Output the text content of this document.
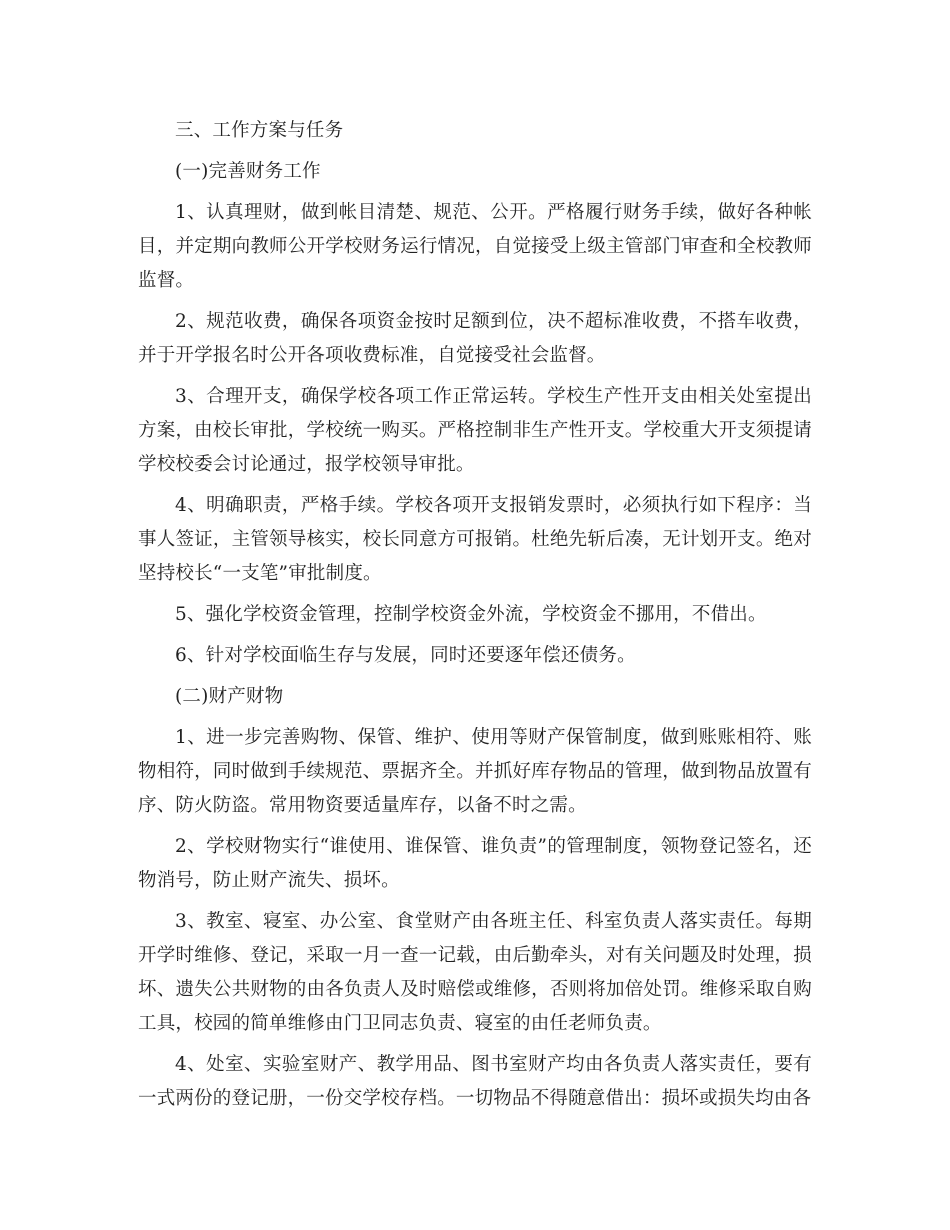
三、工作方案与任务

(一)完善财务工作

1、认真理财，做到帐目清楚、规范、公开。严格履行财务手续，做好各种帐目，并定期向教师公开学校财务运行情况，自觉接受上级主管部门审查和全校教师监督。

2、规范收费，确保各项资金按时足额到位，决不超标准收费，不搭车收费，并于开学报名时公开各项收费标准，自觉接受社会监督。

3、合理开支，确保学校各项工作正常运转。学校生产性开支由相关处室提出方案，由校长审批，学校统一购买。严格控制非生产性开支。学校重大开支须提请学校校委会讨论通过，报学校领导审批。

4、明确职责，严格手续。学校各项开支报销发票时，必须执行如下程序：当事人签证，主管领导核实，校长同意方可报销。杜绝先斩后凑，无计划开支。绝对坚持校长“一支笔”审批制度。

5、强化学校资金管理，控制学校资金外流，学校资金不挪用，不借出。

6、针对学校面临生存与发展，同时还要逐年偿还债务。

(二)财产财物

1、进一步完善购物、保管、维护、使用等财产保管制度，做到账账相符、账物相符，同时做到手续规范、票据齐全。并抓好库存物品的管理，做到物品放置有序、防火防盗。常用物资要适量库存，以备不时之需。

2、学校财物实行“谁使用、谁保管、谁负责”的管理制度，领物登记签名，还物消号，防止财产流失、损坏。

3、教室、寝室、办公室、食堂财产由各班主任、科室负责人落实责任。每期开学时维修、登记，采取一月一查一记载，由后勤牵头，对有关问题及时处理，损坏、遗失公共财物的由各负责人及时赔偿或维修，否则将加倍处罚。维修采取自购工具，校园的简单维修由门卫同志负责、寝室的由任老师负责。

4、处室、实验室财产、教学用品、图书室财产均由各负责人落实责任，要有一式两份的登记册，一份交学校存档。一切物品不得随意借出：损坏或损失均由各
